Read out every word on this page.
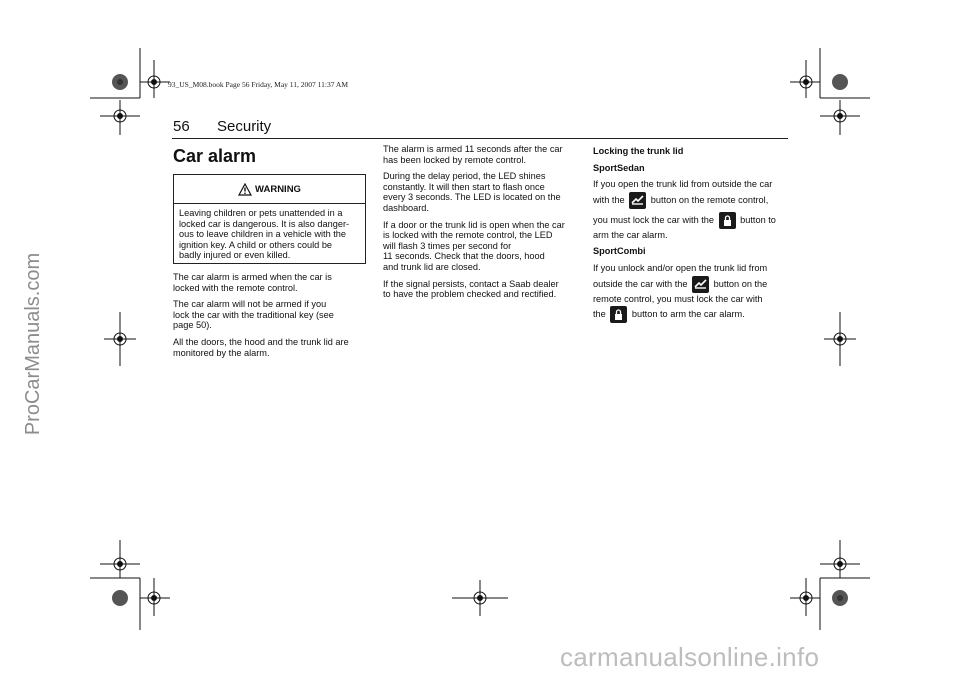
ProCarManuals.com
carmanualsonline.info
93_US_M08.book Page 56 Friday, May 11, 2007 11:37 AM
56 Security
Car alarm
WARNING
Leaving children or pets unattended in a
locked car is dangerous. It is also danger-
ous to leave children in a vehicle with the
ignition key. A child or others could be
badly injured or even killed.

The car alarm is armed when the car is
locked with the remote control.

The car alarm will not be armed if you
lock the car with the traditional key (see
page 50).

All the doors, the hood and the trunk lid are
monitored by the alarm.

The alarm is armed 11 seconds after the car
has been locked by remote control.

During the delay period, the LED shines
constantly. It will then start to flash once
every 3 seconds. The LED is located on the
dashboard.

If a door or the trunk lid is open when the car
is locked with the remote control, the LED
will flash 3 times per second for
11 seconds. Check that the doors, hood
and trunk lid are closed.

If the signal persists, contact a Saab dealer
to have the problem checked and rectified.

Locking the trunk lid

SportSedan

If you open the trunk lid from outside the car
with the	button on the remote control,
you must lock the car with the	button to
arm the car alarm.

SportCombi

If you unlock and/or open the trunk lid from
outside the car with the	button on the
remote control, you must lock the car with
the	button to arm the car alarm.
